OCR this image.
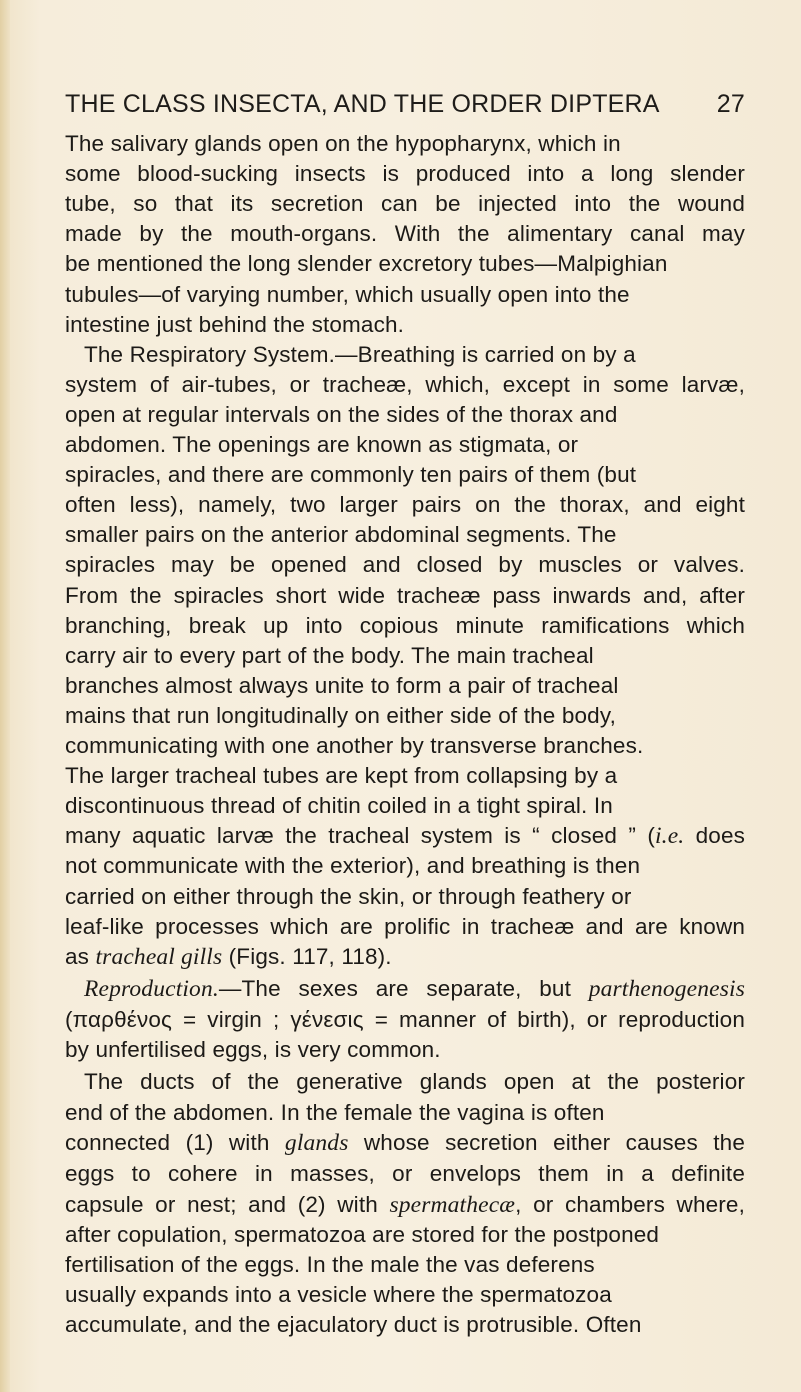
THE CLASS INSECTA, AND THE ORDER DIPTERA 27
The salivary glands open on the hypopharynx, which in
some blood-sucking insects is produced into a long slender
tube, so that its secretion can be injected into the wound
made by the mouth-organs. With the alimentary canal may
be mentioned the long slender excretory tubes—Malpighian
tubules—of varying number, which usually open into the
intestine just behind the stomach.
The Respiratory System.—Breathing is carried on by a
system of air-tubes, or tracheæ, which, except in some larvæ,
open at regular intervals on the sides of the thorax and
abdomen. The openings are known as stigmata, or
spiracles, and there are commonly ten pairs of them (but
often less), namely, two larger pairs on the thorax, and eight
smaller pairs on the anterior abdominal segments. The
spiracles may be opened and closed by muscles or valves.
From the spiracles short wide tracheæ pass inwards and, after
branching, break up into copious minute ramifications which
carry air to every part of the body. The main tracheal
branches almost always unite to form a pair of tracheal
mains that run longitudinally on either side of the body,
communicating with one another by transverse branches.
The larger tracheal tubes are kept from collapsing by a
discontinuous thread of chitin coiled in a tight spiral. In
many aquatic larvæ the tracheal system is “ closed ” (i.e. does
not communicate with the exterior), and breathing is then
carried on either through the skin, or through feathery or
leaf-like processes which are prolific in tracheæ and are known
as tracheal gills (Figs. 117, 118).
Reproduction.—The sexes are separate, but parthenogenesis
(παρθένος = virgin ; γένεσις = manner of birth), or reproduction
by unfertilised eggs, is very common.
The ducts of the generative glands open at the posterior
end of the abdomen. In the female the vagina is often
connected (1) with glands whose secretion either causes the
eggs to cohere in masses, or envelops them in a definite
capsule or nest; and (2) with spermathecæ, or chambers where,
after copulation, spermatozoa are stored for the postponed
fertilisation of the eggs. In the male the vas deferens
usually expands into a vesicle where the spermatozoa
accumulate, and the ejaculatory duct is protrusible. Often
